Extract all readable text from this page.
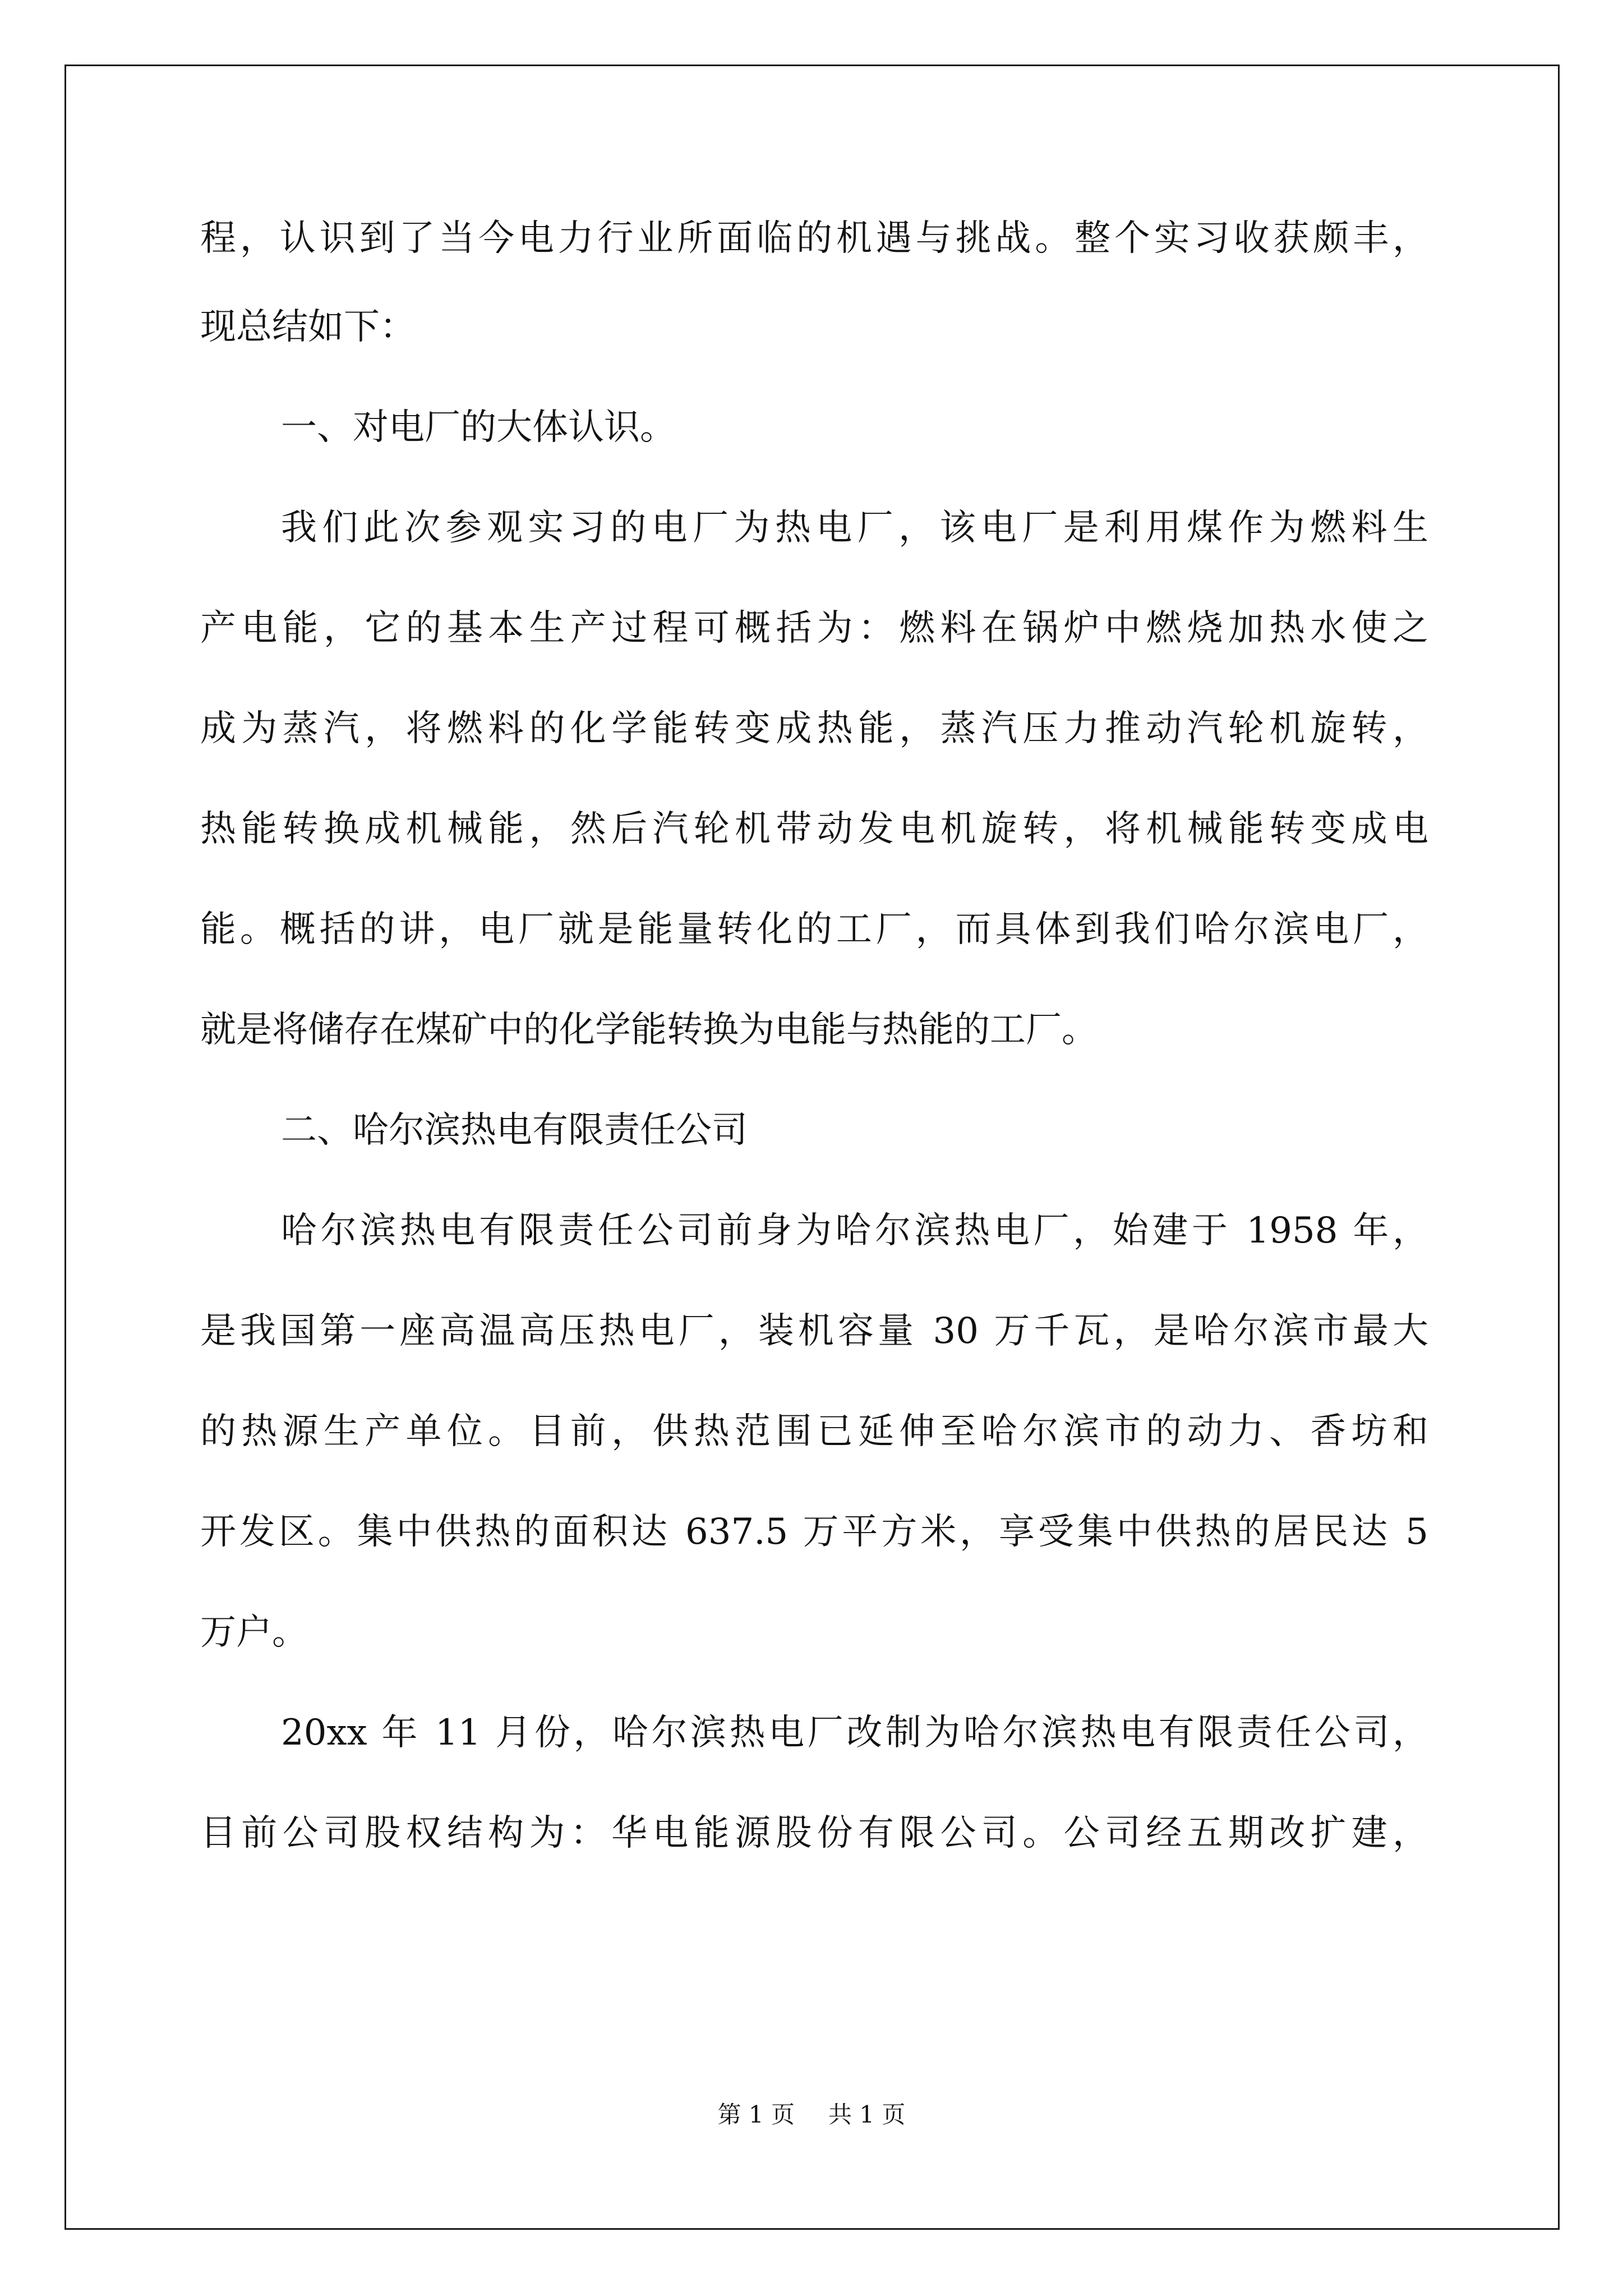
程，认识到了当今电力行业所面临的机遇与挑战。整个实习收获颇丰，
现总结如下：
一、对电厂的大体认识。
我们此次参观实习的电厂为热电厂，该电厂是利用煤作为燃料生
产电能，它的基本生产过程可概括为：燃料在锅炉中燃烧加热水使之
成为蒸汽，将燃料的化学能转变成热能，蒸汽压力推动汽轮机旋转，
热能转换成机械能，然后汽轮机带动发电机旋转，将机械能转变成电
能。概括的讲，电厂就是能量转化的工厂，而具体到我们哈尔滨电厂，
就是将储存在煤矿中的化学能转换为电能与热能的工厂。
二、哈尔滨热电有限责任公司
哈尔滨热电有限责任公司前身为哈尔滨热电厂，始建于 1958 年，
是我国第一座高温高压热电厂，装机容量 30 万千瓦，是哈尔滨市最大
的热源生产单位。目前，供热范围已延伸至哈尔滨市的动力、香坊和
开发区。集中供热的面积达 637.5 万平方米，享受集中供热的居民达 5
万户。
20xx 年 11 月份，哈尔滨热电厂改制为哈尔滨热电有限责任公司，
目前公司股权结构为：华电能源股份有限公司。公司经五期改扩建，
第 1 页 共 1 页
